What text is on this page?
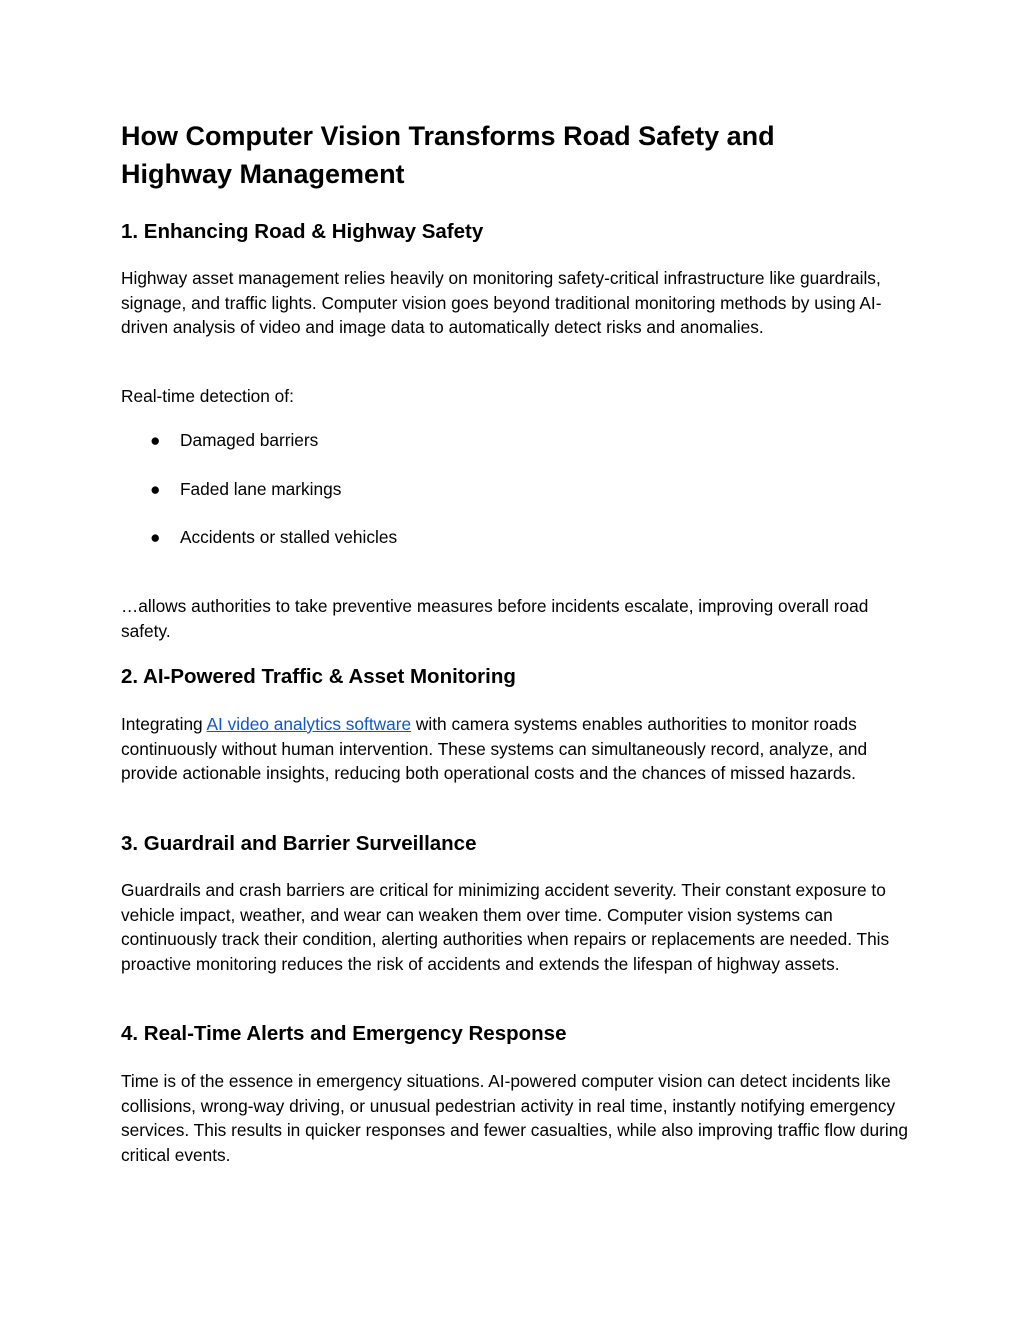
How Computer Vision Transforms Road Safety and Highway Management
1. Enhancing Road & Highway Safety

Highway asset management relies heavily on monitoring safety-critical infrastructure like guardrails, signage, and traffic lights. Computer vision goes beyond traditional monitoring methods by using AI-driven analysis of video and image data to automatically detect risks and anomalies.

Real-time detection of:

● Damaged barriers
● Faded lane markings
● Accidents or stalled vehicles

…allows authorities to take preventive measures before incidents escalate, improving overall road safety.

2. AI-Powered Traffic & Asset Monitoring

Integrating AI video analytics software with camera systems enables authorities to monitor roads continuously without human intervention. These systems can simultaneously record, analyze, and provide actionable insights, reducing both operational costs and the chances of missed hazards.

3. Guardrail and Barrier Surveillance

Guardrails and crash barriers are critical for minimizing accident severity. Their constant exposure to vehicle impact, weather, and wear can weaken them over time. Computer vision systems can continuously track their condition, alerting authorities when repairs or replacements are needed. This proactive monitoring reduces the risk of accidents and extends the lifespan of highway assets.

4. Real-Time Alerts and Emergency Response

Time is of the essence in emergency situations. AI-powered computer vision can detect incidents like collisions, wrong-way driving, or unusual pedestrian activity in real time, instantly notifying emergency services. This results in quicker responses and fewer casualties, while also improving traffic flow during critical events.
